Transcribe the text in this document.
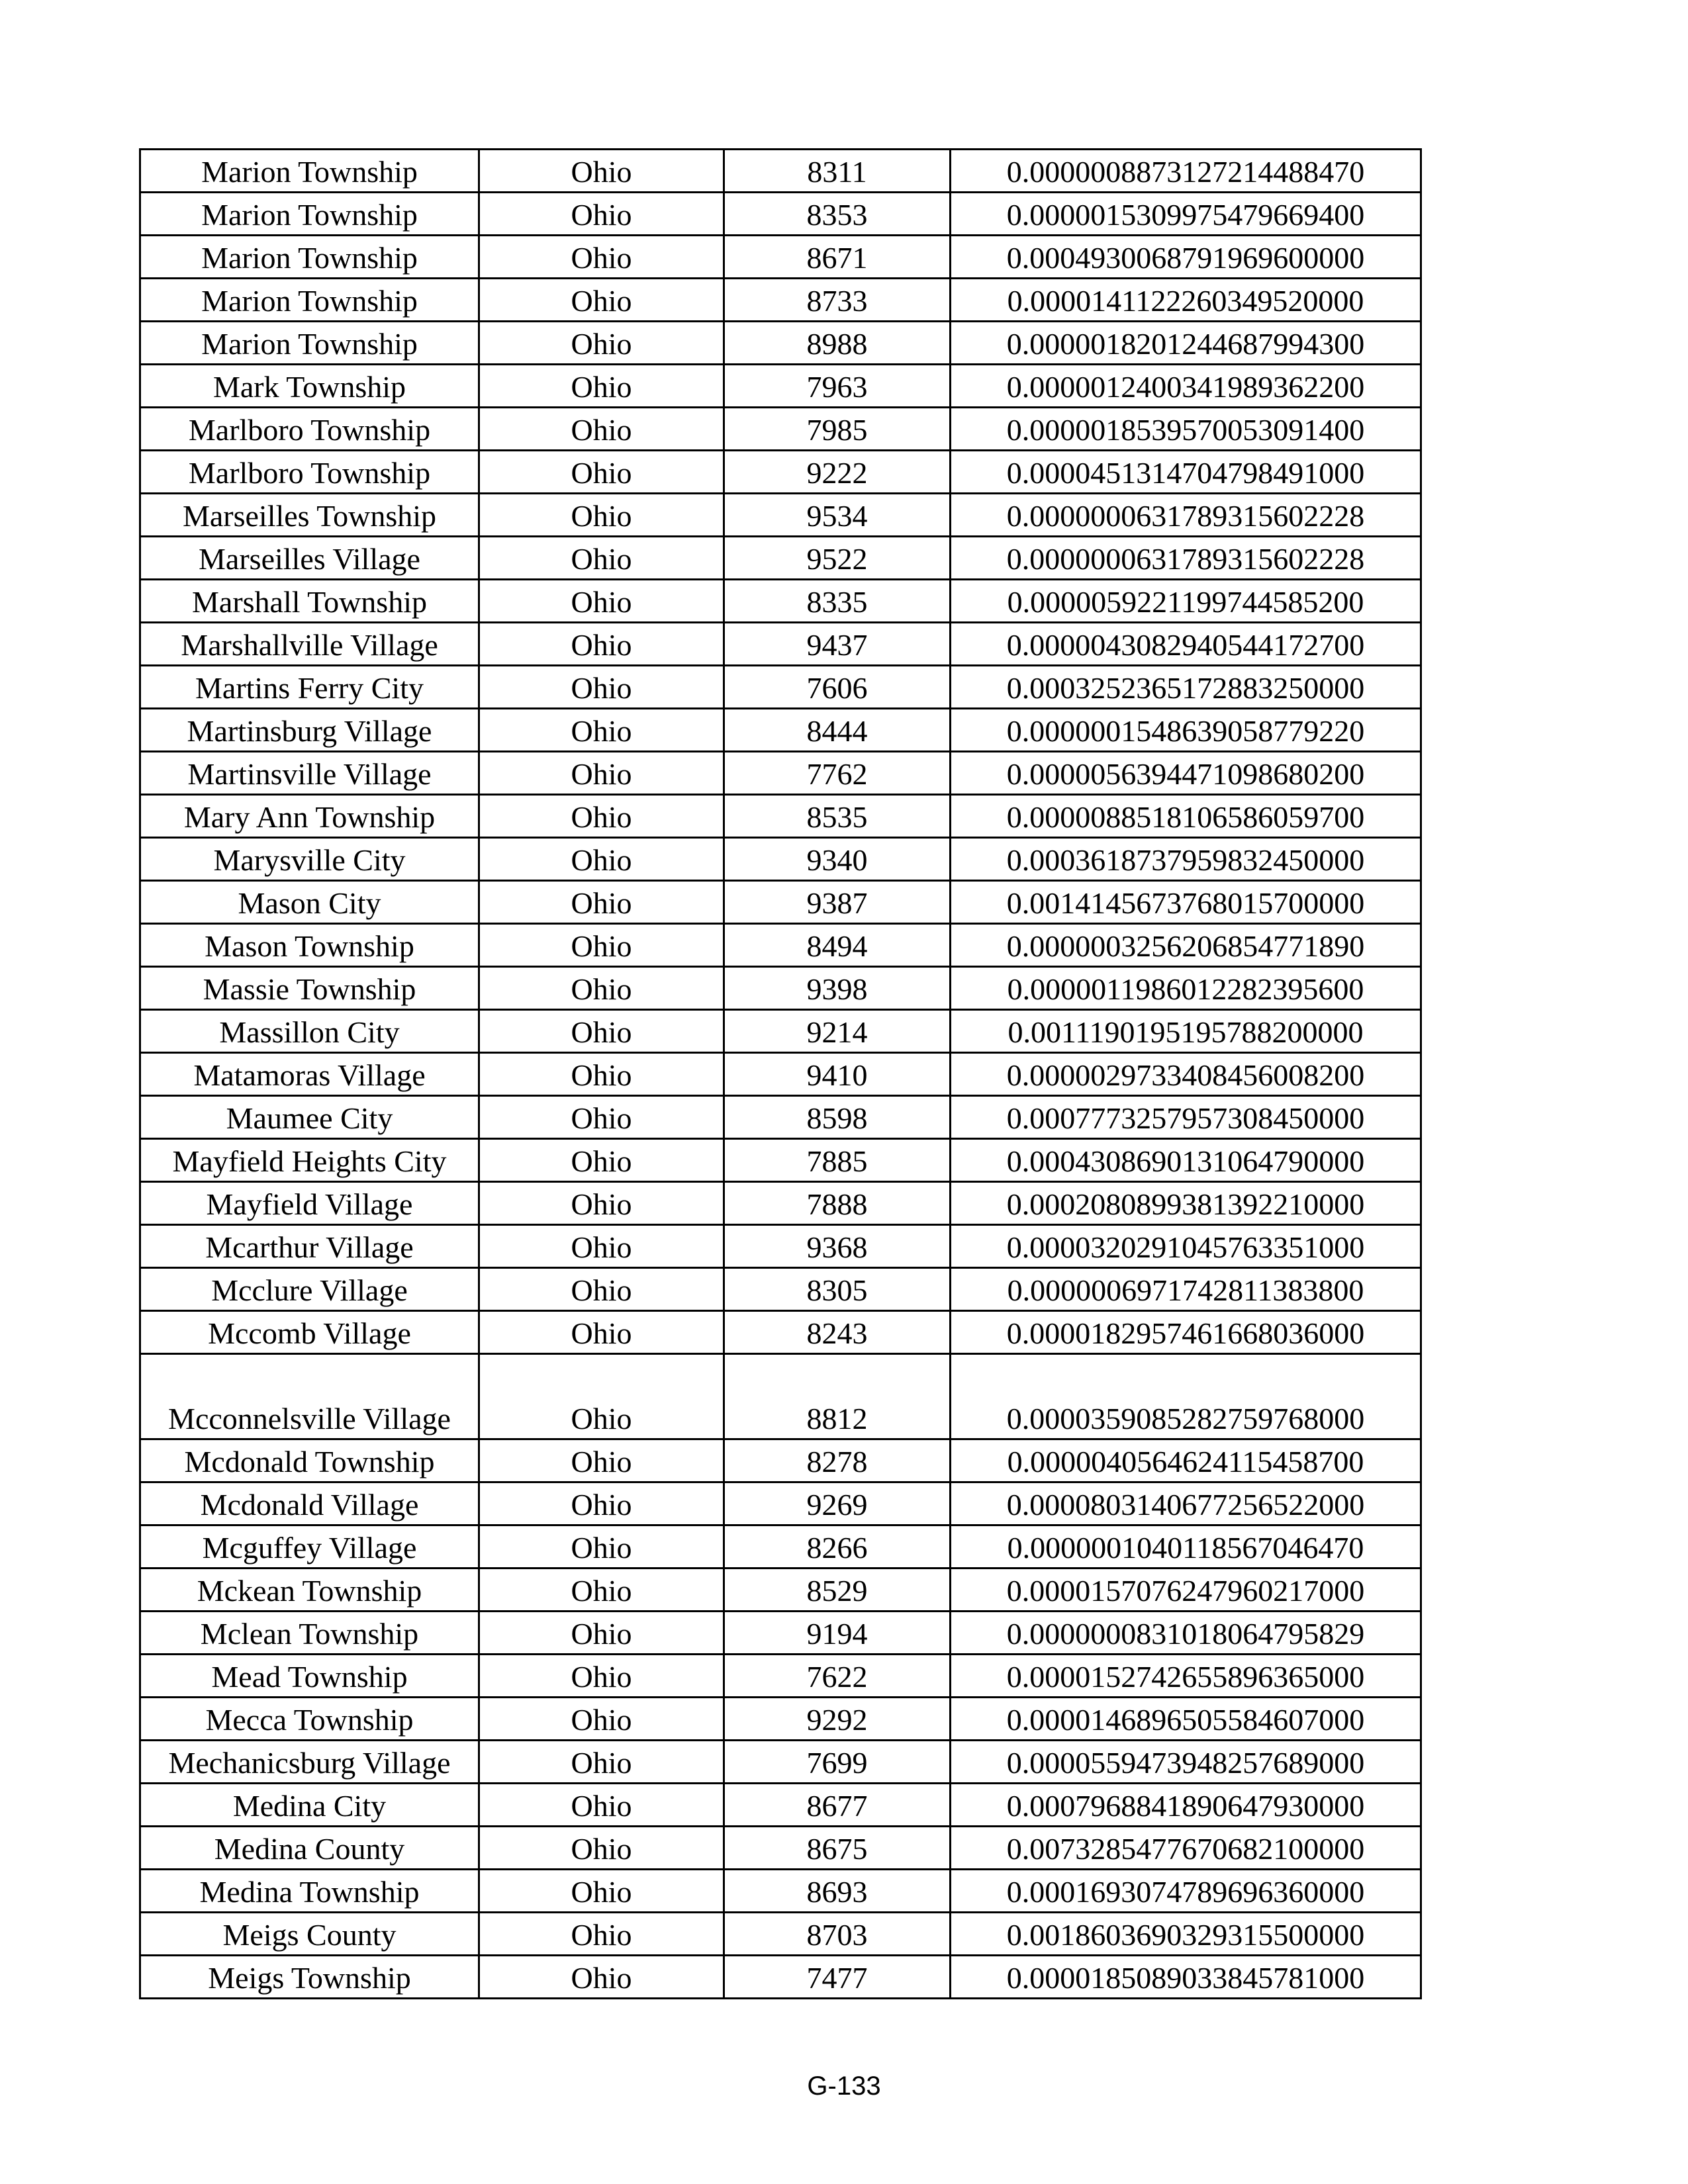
Marion Township	Ohio	8311	0.0000008873127214488470
Marion Township	Ohio	8353	0.0000015309975479669400
Marion Township	Ohio	8671	0.0004930068791969600000
Marion Township	Ohio	8733	0.0000141122260349520000
Marion Township	Ohio	8988	0.0000018201244687994300
Mark Township	Ohio	7963	0.0000012400341989362200
Marlboro Township	Ohio	7985	0.0000018539570053091400
Marlboro Township	Ohio	9222	0.0000451314704798491000
Marseilles Township	Ohio	9534	0.0000000631789315602228
Marseilles Village	Ohio	9522	0.0000000631789315602228
Marshall Township	Ohio	8335	0.0000059221199744585200
Marshallville Village	Ohio	9437	0.0000043082940544172700
Martins Ferry City	Ohio	7606	0.0003252365172883250000
Martinsburg Village	Ohio	8444	0.0000001548639058779220
Martinsville Village	Ohio	7762	0.0000056394471098680200
Mary Ann Township	Ohio	8535	0.0000088518106586059700
Marysville City	Ohio	9340	0.0003618737959832450000
Mason City	Ohio	9387	0.0014145673768015700000
Mason Township	Ohio	8494	0.0000003256206854771890
Massie Township	Ohio	9398	0.0000011986012282395600
Massillon City	Ohio	9214	0.0011190195195788200000
Matamoras Village	Ohio	9410	0.0000029733408456008200
Maumee City	Ohio	8598	0.0007773257957308450000
Mayfield Heights City	Ohio	7885	0.0004308690131064790000
Mayfield Village	Ohio	7888	0.0002080899381392210000
Mcarthur Village	Ohio	9368	0.0000320291045763351000
Mcclure Village	Ohio	8305	0.0000006971742811383800
Mccomb Village	Ohio	8243	0.0000182957461668036000
Mcconnelsville Village	Ohio	8812	0.0000359085282759768000
Mcdonald Township	Ohio	8278	0.0000040564624115458700
Mcdonald Village	Ohio	9269	0.0000803140677256522000
Mcguffey Village	Ohio	8266	0.0000001040118567046470
Mckean Township	Ohio	8529	0.0000157076247960217000
Mclean Township	Ohio	9194	0.0000000831018064795829
Mead Township	Ohio	7622	0.0000152742655896365000
Mecca Township	Ohio	9292	0.0000146896505584607000
Mechanicsburg Village	Ohio	7699	0.0000559473948257689000
Medina City	Ohio	8677	0.0007968841890647930000
Medina County	Ohio	8675	0.0073285477670682100000
Medina Township	Ohio	8693	0.0001693074789696360000
Meigs County	Ohio	8703	0.0018603690329315500000
Meigs Township	Ohio	7477	0.0000185089033845781000
G-133
